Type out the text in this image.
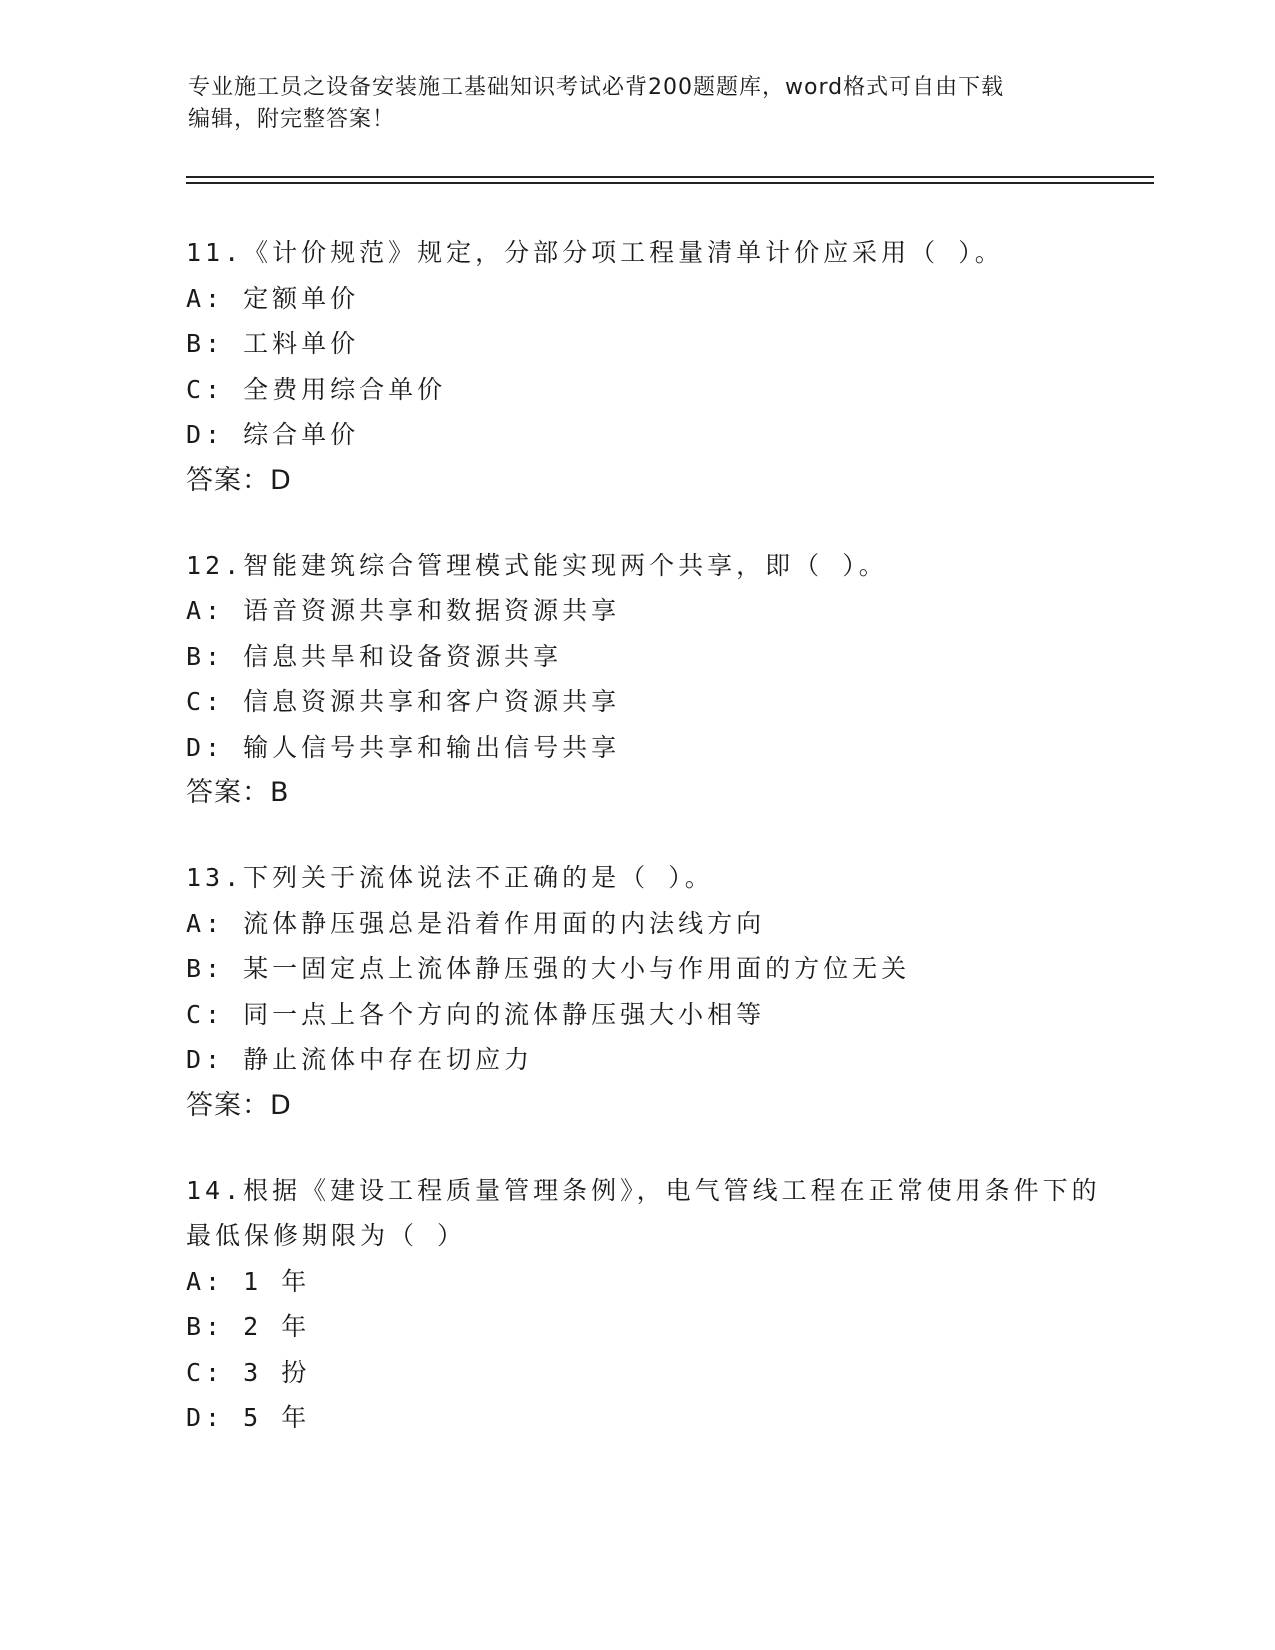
专业施工员之设备安装施工基础知识考试必背200题题库，word格式可自由下载
编辑，附完整答案！
11.《计价规范》规定，分部分项工程量清单计价应采用（ ）。
A: 定额单价
B: 工料单价
C: 全费用综合单价
D: 综合单价
答案：D
12.智能建筑综合管理模式能实现两个共享，即（ ）。
A: 语音资源共享和数据资源共享
B: 信息共旱和设备资源共享
C: 信息资源共享和客户资源共享
D: 输人信号共享和输出信号共享
答案：B
13.下列关于流体说法不正确的是（ ）。
A: 流体静压强总是沿着作用面的内法线方向
B: 某一固定点上流体静压强的大小与作用面的方位无关
C: 同一点上各个方向的流体静压强大小相等
D: 静止流体中存在切应力
答案：D
14.根据《建设工程质量管理条例》，电气管线工程在正常使用条件下的最低保修期限为（ ）
A: 1 年
B: 2 年
C: 3 扮
D: 5 年
